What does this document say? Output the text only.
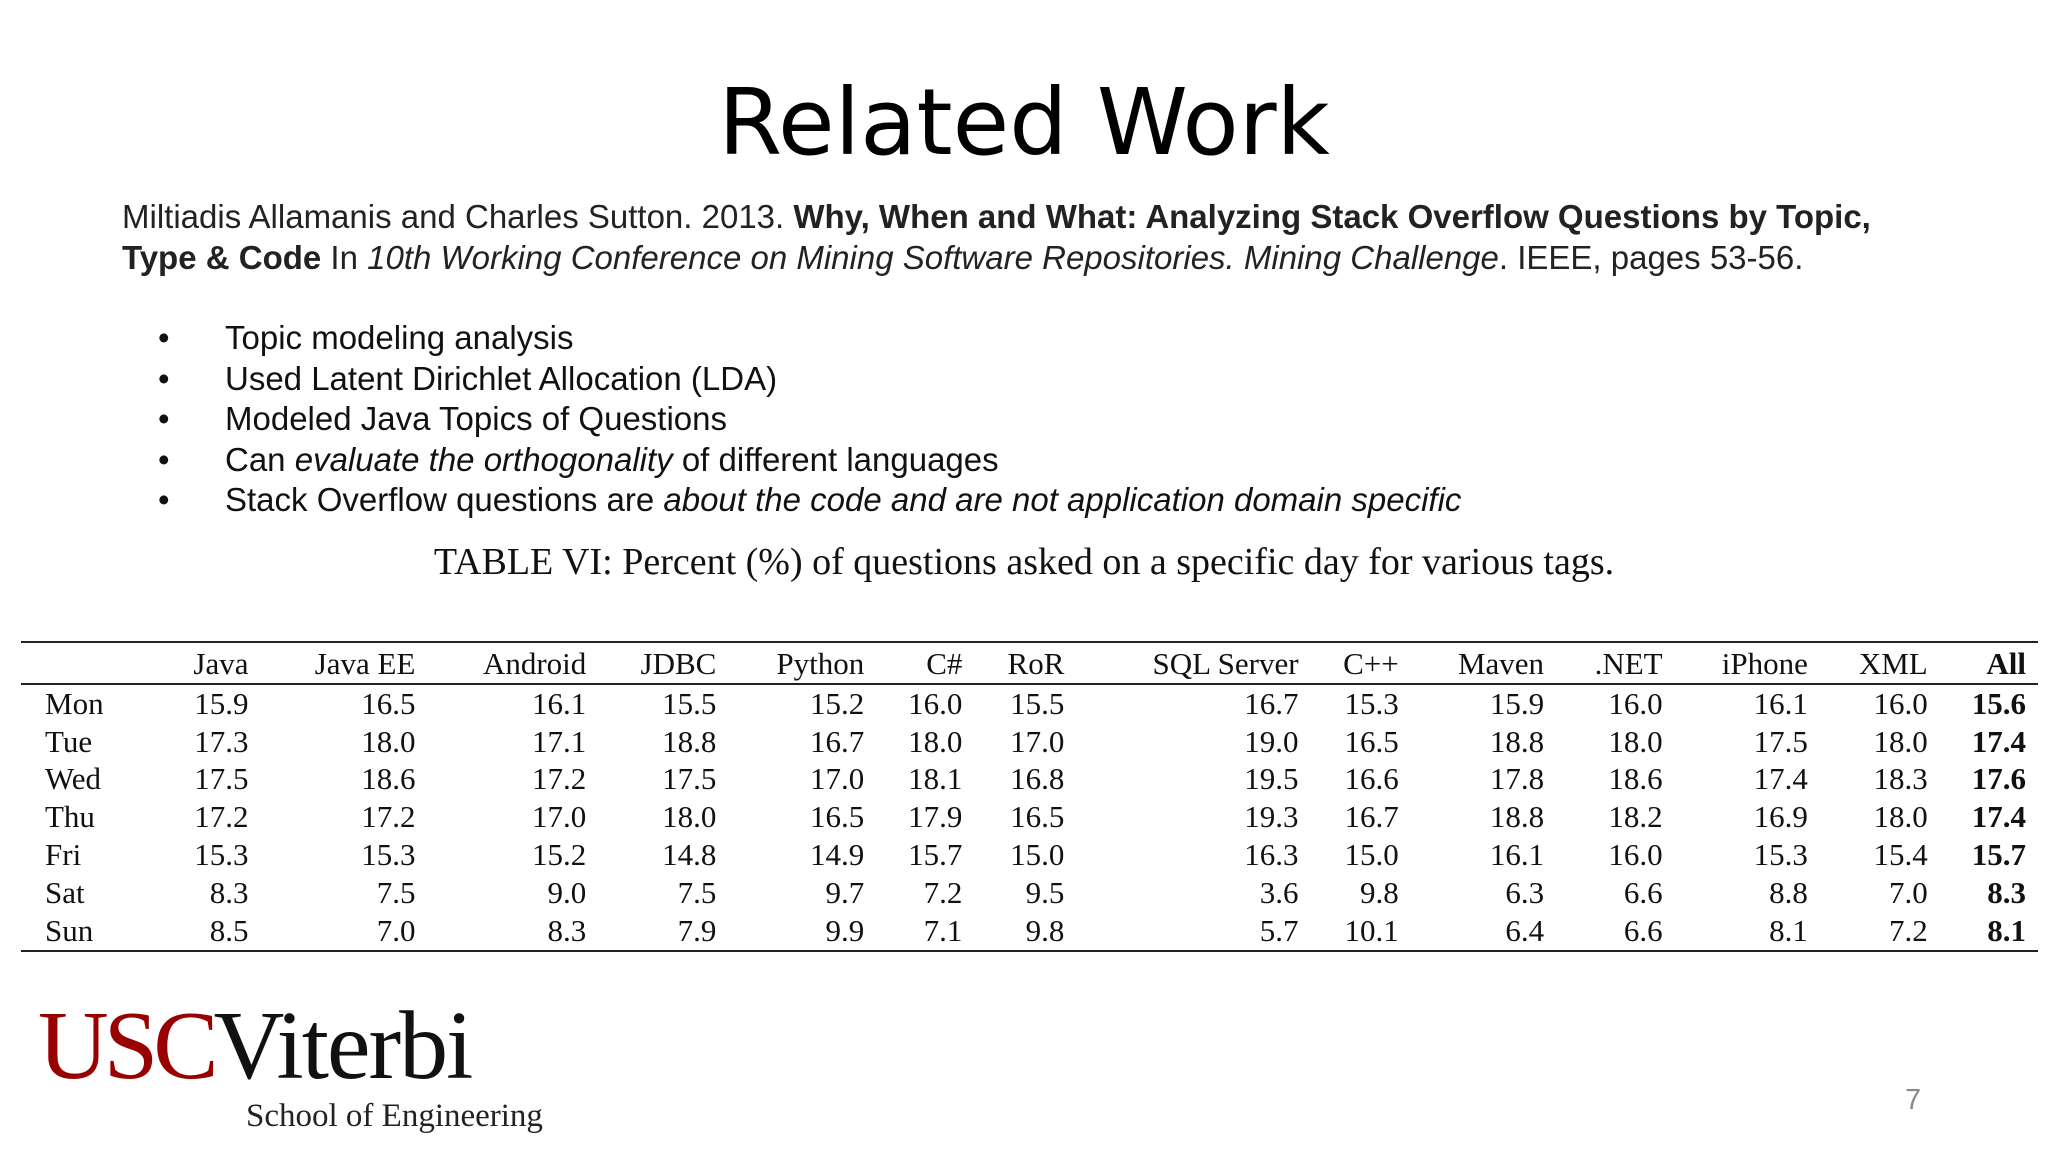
Related Work
Miltiadis Allamanis and Charles Sutton. 2013. Why, When and What: Analyzing Stack Overflow Questions by Topic, Type & Code In 10th Working Conference on Mining Software Repositories. Mining Challenge. IEEE, pages 53-56.
• Topic modeling analysis
• Used Latent Dirichlet Allocation (LDA)
• Modeled Java Topics of Questions
• Can evaluate the orthogonality of different languages
• Stack Overflow questions are about the code and are not application domain specific
TABLE VI: Percent (%) of questions asked on a specific day for various tags.
	Java	Java EE	Android	JDBC	Python	C#	RoR	SQL Server	C++	Maven	.NET	iPhone	XML	All
Mon	15.9	16.5	16.1	15.5	15.2	16.0	15.5	16.7	15.3	15.9	16.0	16.1	16.0	15.6
Tue	17.3	18.0	17.1	18.8	16.7	18.0	17.0	19.0	16.5	18.8	18.0	17.5	18.0	17.4
Wed	17.5	18.6	17.2	17.5	17.0	18.1	16.8	19.5	16.6	17.8	18.6	17.4	18.3	17.6
Thu	17.2	17.2	17.0	18.0	16.5	17.9	16.5	19.3	16.7	18.8	18.2	16.9	18.0	17.4
Fri	15.3	15.3	15.2	14.8	14.9	15.7	15.0	16.3	15.0	16.1	16.0	15.3	15.4	15.7
Sat	8.3	7.5	9.0	7.5	9.7	7.2	9.5	3.6	9.8	6.3	6.6	8.8	7.0	8.3
Sun	8.5	7.0	8.3	7.9	9.9	7.1	9.8	5.7	10.1	6.4	6.6	8.1	7.2	8.1
USCViterbi
School of Engineering	7
